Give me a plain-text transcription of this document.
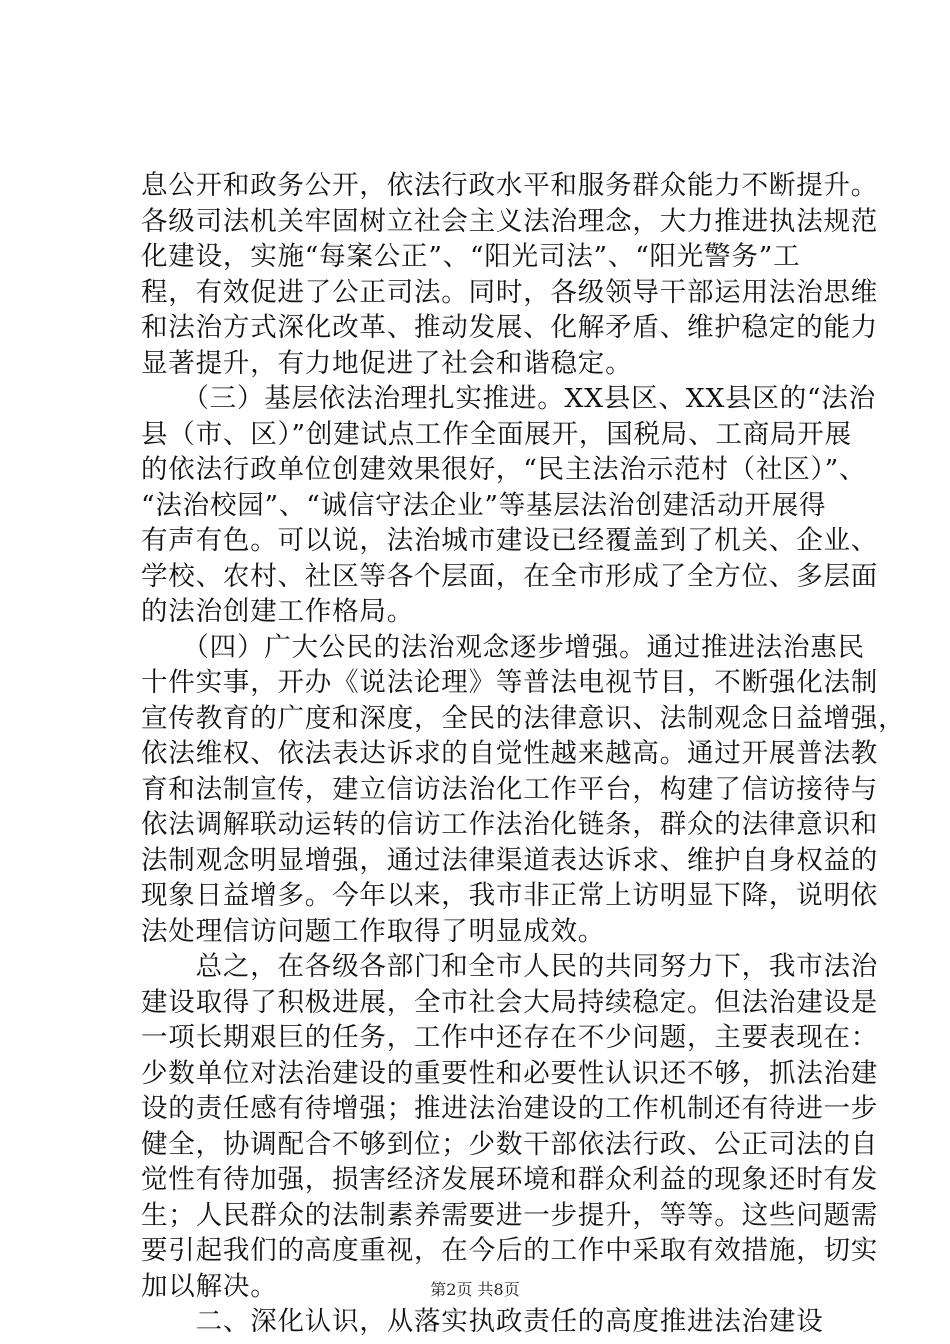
息公开和政务公开，依法行政水平和服务群众能力不断提升。
各级司法机关牢固树立社会主义法治理念，大力推进执法规范
化建设，实施“每案公正”、“阳光司法”、“阳光警务”工
程，有效促进了公正司法。同时，各级领导干部运用法治思维
和法治方式深化改革、推动发展、化解矛盾、维护稳定的能力
显著提升，有力地促进了社会和谐稳定。
　　（三）基层依法治理扎实推进。XX县区、XX县区的“法治
县（市、区）”创建试点工作全面展开，国税局、工商局开展
的依法行政单位创建效果很好，“民主法治示范村（社区）”、
“法治校园”、“诚信守法企业”等基层法治创建活动开展得
有声有色。可以说，法治城市建设已经覆盖到了机关、企业、
学校、农村、社区等各个层面，在全市形成了全方位、多层面
的法治创建工作格局。
　　（四）广大公民的法治观念逐步增强。通过推进法治惠民
十件实事，开办《说法论理》等普法电视节目，不断强化法制
宣传教育的广度和深度，全民的法律意识、法制观念日益增强，
依法维权、依法表达诉求的自觉性越来越高。通过开展普法教
育和法制宣传，建立信访法治化工作平台，构建了信访接待与
依法调解联动运转的信访工作法治化链条，群众的法律意识和
法制观念明显增强，通过法律渠道表达诉求、维护自身权益的
现象日益增多。今年以来，我市非正常上访明显下降，说明依
法处理信访问题工作取得了明显成效。
　　总之，在各级各部门和全市人民的共同努力下，我市法治
建设取得了积极进展，全市社会大局持续稳定。但法治建设是
一项长期艰巨的任务，工作中还存在不少问题，主要表现在：
少数单位对法治建设的重要性和必要性认识还不够，抓法治建
设的责任感有待增强；推进法治建设的工作机制还有待进一步
健全，协调配合不够到位；少数干部依法行政、公正司法的自
觉性有待加强，损害经济发展环境和群众利益的现象还时有发
生；人民群众的法制素养需要进一步提升，等等。这些问题需
要引起我们的高度重视，在今后的工作中采取有效措施，切实
加以解决。
　　二、深化认识，从落实执政责任的高度推进法治建设
第2页 共8页
